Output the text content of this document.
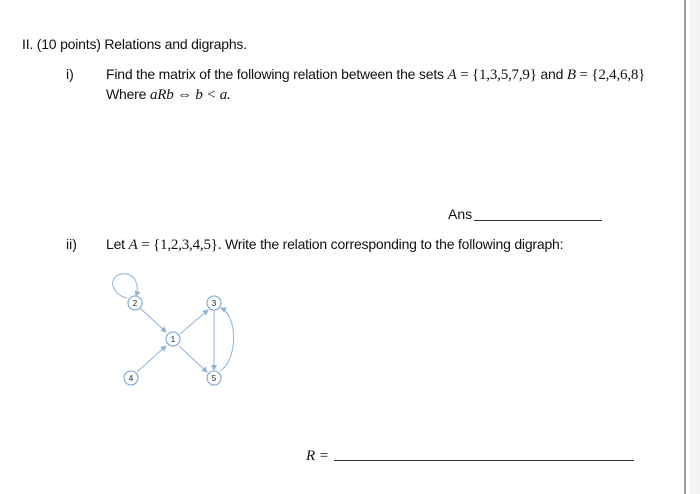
II. (10 points) Relations and digraphs.
i) Find the matrix of the following relation between the sets A = {1,3,5,7,9} and B = {2,4,6,8}
Where aRb ⇔ b < a.
Ans
ii) Let A = {1,2,3,4,5}. Write the relation corresponding to the following digraph:
2	3
1
4	5
R =
